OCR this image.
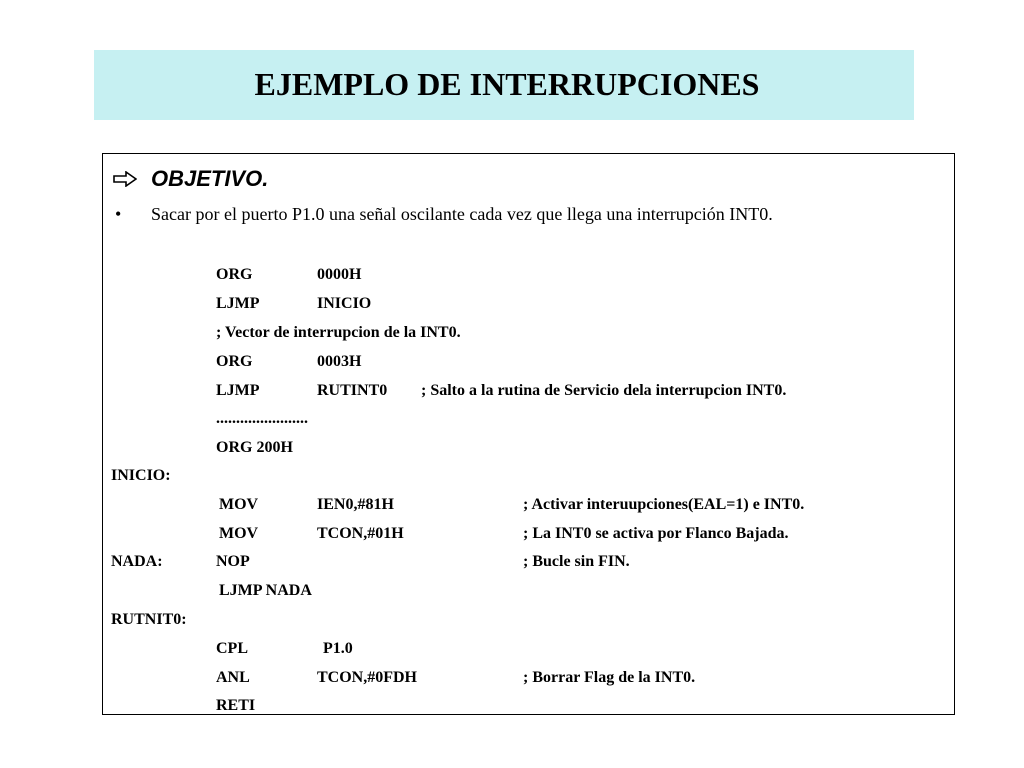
EJEMPLO DE INTERRUPCIONES
OBJETIVO.
•	Sacar por el puerto P1.0 una señal oscilante cada vez que llega una interrupción INT0.
ORG	0000H
LJMP	INICIO
; Vector de interrupcion de la INT0.
ORG	0003H
LJMP	RUTINT0 ; Salto a la rutina de Servicio dela interrupcion INT0.
.......................
ORG 200H
INICIO:
MOV	IEN0,#81H	; Activar interuupciones(EAL=1) e INT0.
MOV	TCON,#01H	; La INT0 se activa por Flanco Bajada.
NADA:	NOP	; Bucle sin FIN.
LJMP NADA
RUTNIT0:
CPL	P1.0
ANL	TCON,#0FDH	; Borrar Flag de la INT0.
RETI
